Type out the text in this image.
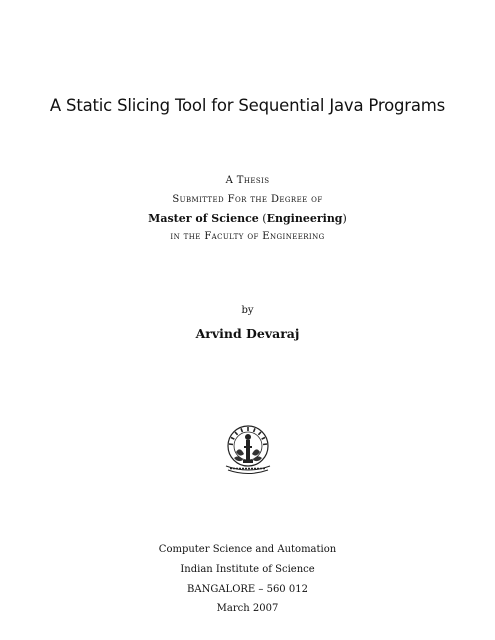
A Static Slicing Tool for Sequential Java Programs
A Thesis
Submitted For the Degree of
Master of Science (Engineering)
in the Faculty of Engineering
by
Arvind Devaraj
Computer Science and Automation
Indian Institute of Science
BANGALORE – 560 012
March 2007
